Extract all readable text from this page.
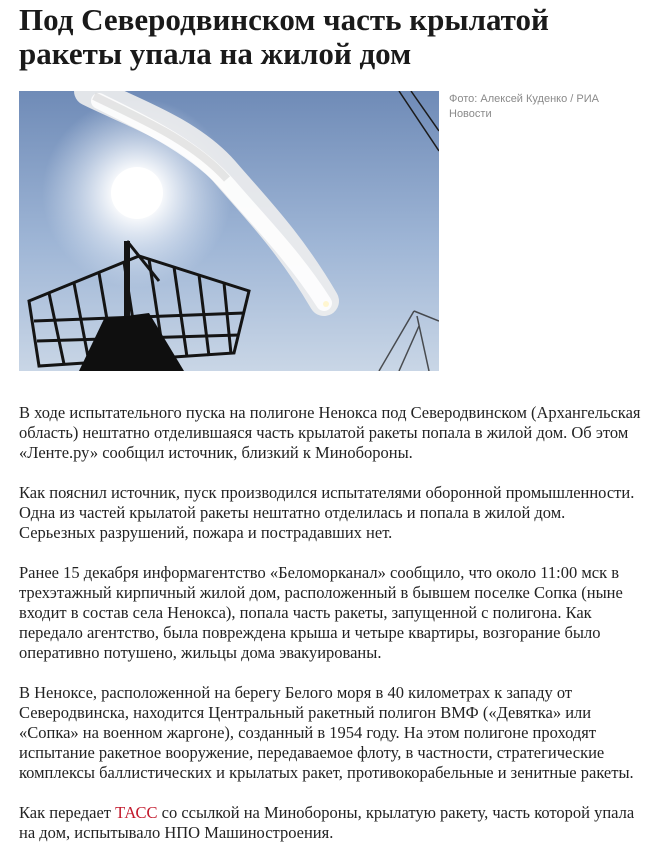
Под Северодвинском часть крылатой ракеты упала на жилой дом
Фото: Алексей Куденко / РИА Новости

В ходе испытательного пуска на полигоне Ненокса под Северодвинском (Архангельская область) нештатно отделившаяся часть крылатой ракеты попала в жилой дом. Об этом «Ленте.ру» сообщил источник, близкий к Минобороны.

Как пояснил источник, пуск производился испытателями оборонной промышленности. Одна из частей крылатой ракеты нештатно отделилась и попала в жилой дом. Серьезных разрушений, пожара и пострадавших нет.

Ранее 15 декабря информагентство «Беломорканал» сообщило, что около 11:00 мск в трехэтажный кирпичный жилой дом, расположенный в бывшем поселке Сопка (ныне входит в состав села Ненокса), попала часть ракеты, запущенной с полигона. Как передало агентство, была повреждена крыша и четыре квартиры, возгорание было оперативно потушено, жильцы дома эвакуированы.

В Неноксе, расположенной на берегу Белого моря в 40 километрах к западу от Северодвинска, находится Центральный ракетный полигон ВМФ («Девятка» или «Сопка» на военном жаргоне), созданный в 1954 году. На этом полигоне проходят испытание ракетное вооружение, передаваемое флоту, в частности, стратегические комплексы баллистических и крылатых ракет, противокорабельные и зенитные ракеты.

Как передает ТАСС со ссылкой на Минобороны, крылатую ракету, часть которой упала на дом, испытывало НПО Машиностроения.
